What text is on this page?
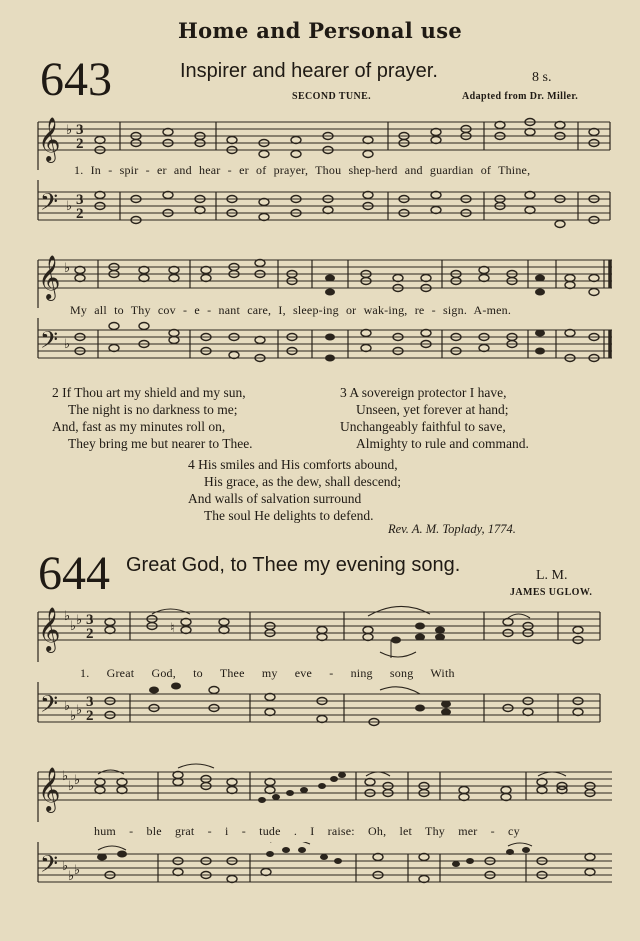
Home and Personal use
643	Inspirer and hearer of prayer.	8 s.
SECOND TUNE.	Adapted from Dr. Miller.
𝄞 ♭ 3
2
1. In - spir - er and hear - er of prayer, Thou shep-herd and guardian of Thine,
𝄢 ♭ 3
2
𝄞 ♭
My all to Thy cov - e - nant care, I, sleep-ing or wak-ing, re - sign. A-men.
𝄢 ♭
2 If Thou art my shield and my sun,
The night is no darkness to me;
And, fast as my minutes roll on,
They bring me but nearer to Thee.
3 A sovereign protector I have,
Unseen, yet forever at hand;
Unchangeably faithful to save,
Almighty to rule and command.
4 His smiles and His comforts abound,
His grace, as the dew, shall descend;
And walls of salvation surround
The soul He delights to defend.
Rev. A. M. Toplady, 1774.
644 Great God, to Thee my evening song.	L. M.
JAMES UGLOW.
𝄞 ♭
♭ ♭ 3
2	♮
1. Great God, to Thee my eve - ning song With
𝄢 ♭
♭ ♭
3
2
𝄞 ♭
♭ ♭
hum - ble grat - i - tude . I raise: Oh, let Thy mer - cy
𝄢 ♭
♭ ♭
